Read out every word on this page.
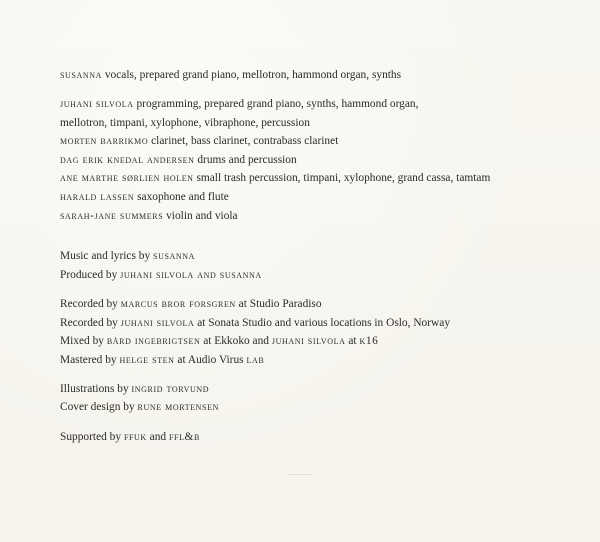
susanna vocals, prepared grand piano, mellotron, hammond organ, synths
juhani silvola programming, prepared grand piano, synths, hammond organ,
mellotron, timpani, xylophone, vibraphone, percussion
morten barrikmo clarinet, bass clarinet, contrabass clarinet
dag erik knedal andersen drums and percussion
ane marthe sørlien holen small trash percussion, timpani, xylophone, grand cassa, tamtam
harald lassen saxophone and flute
sarah-jane summers violin and viola
Music and lyrics by susanna
Produced by juhani silvola and susanna
Recorded by marcus bror forsgren at Studio Paradiso
Recorded by juhani silvola at Sonata Studio and various locations in Oslo, Norway
Mixed by bård ingebrigtsen at Ekkoko and juhani silvola at k16
Mastered by helge sten at Audio Virus lab
Illustrations by ingrid torvund
Cover design by rune mortensen
Supported by ffuk and ffl&b
